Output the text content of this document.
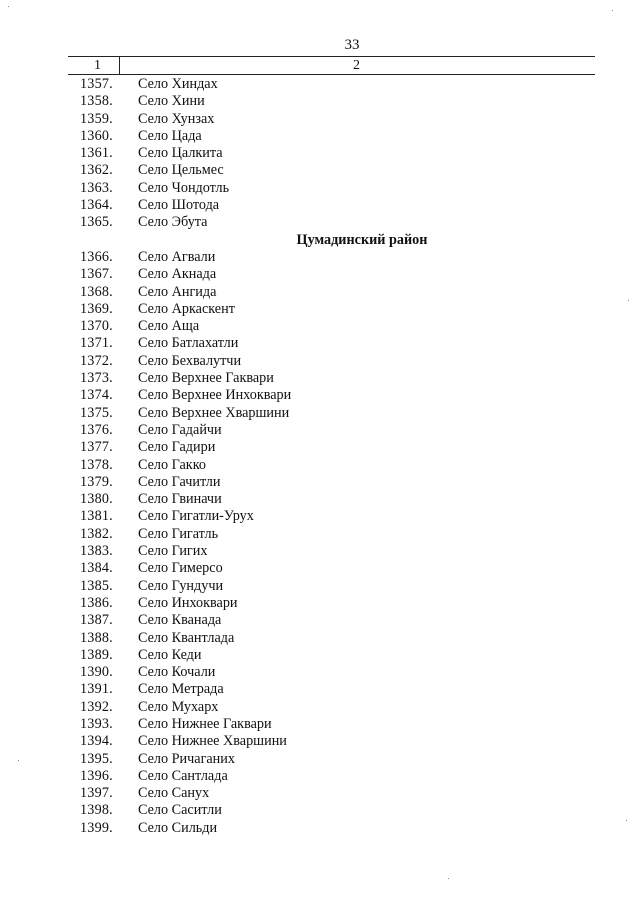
33
1	2
1357. Село Хиндах
1358. Село Хини
1359. Село Хунзах
1360. Село Цада
1361. Село Цалкита
1362. Село Цельмес
1363. Село Чондотль
1364. Село Шотода
1365. Село Эбута
Цумадинский район
1366. Село Агвали
1367. Село Акнада
1368. Село Ангида
1369. Село Аркаскент
1370. Село Аща
1371. Село Батлахатли
1372. Село Бехвалутчи
1373. Село Верхнее Гаквари
1374. Село Верхнее Инхоквари
1375. Село Верхнее Хваршини
1376. Село Гадайчи
1377. Село Гадири
1378. Село Гакко
1379. Село Гачитли
1380. Село Гвиначи
1381. Село Гигатли-Урух
1382. Село Гигатль
1383. Село Гигих
1384. Село Гимерсо
1385. Село Гундучи
1386. Село Инхоквари
1387. Село Кванада
1388. Село Квантлада
1389. Село Кеди
1390. Село Кочали
1391. Село Метрада
1392. Село Мухарх
1393. Село Нижнее Гаквари
1394. Село Нижнее Хваршини
1395. Село Ричаганих
1396. Село Сантлада
1397. Село Санух
1398. Село Саситли
1399. Село Сильди
